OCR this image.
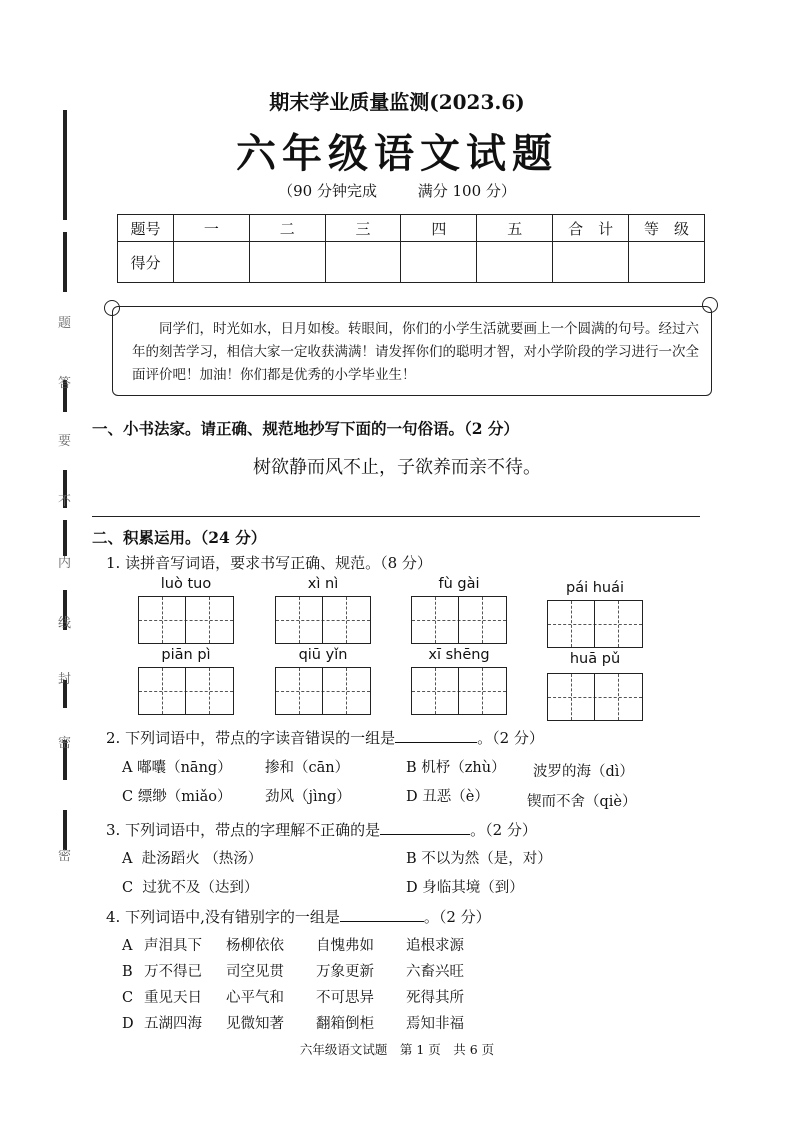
题
答
要
不
内
线
封
密
密
期末学业质量监测(2023.6)
六年级语文试题
（90 分钟完成	满分 100 分）
题号	一	二	三	四	五	合　计	等　级
得分							
同学们，时光如水，日月如梭。转眼间，你们的小学生活就要画上一个圆满的句号。经过六年的刻苦学习，相信大家一定收获满满！请发挥你们的聪明才智，对小学阶段的学习进行一次全面评价吧！加油！你们都是优秀的小学毕业生！
一、小书法家。请正确、规范地抄写下面的一句俗语。（2 分）
树欲静而风不止，子欲养而亲不待。
二、积累运用。（24 分）
1. 读拼音写词语，要求书写正确、规范。（8 分）
luò tuo	xì nì	fù gài	pái huái
piān pì	qiū yǐn	xī shēng	huā pǔ
2. 下列词语中，带点的字读音错误的一组是	。（2 分）
A 嘟囔（nāng） 掺和（cān）	B 机杼（zhù） 波罗的海（dì）
C 缥缈（miǎo） 劲风（jìng）	D 丑恶（è）	锲而不舍（qiè）
3. 下列词语中，带点的字理解不正确的是	。（2 分）
A 赴汤蹈火 （热汤）	B 不以为然（是，对）
C 过犹不及（达到）	D 身临其境（到）
4. 下列词语中,没有错别字的一组是	。（2 分）
A 声泪具下 杨柳依依 自愧弗如 追根求源
B 万不得已 司空见贯 万象更新 六畜兴旺
C 重见天日 心平气和 不可思异 死得其所
D 五湖四海 见微知著 翻箱倒柜 焉知非福
六年级语文试题　第 1 页　共 6 页
